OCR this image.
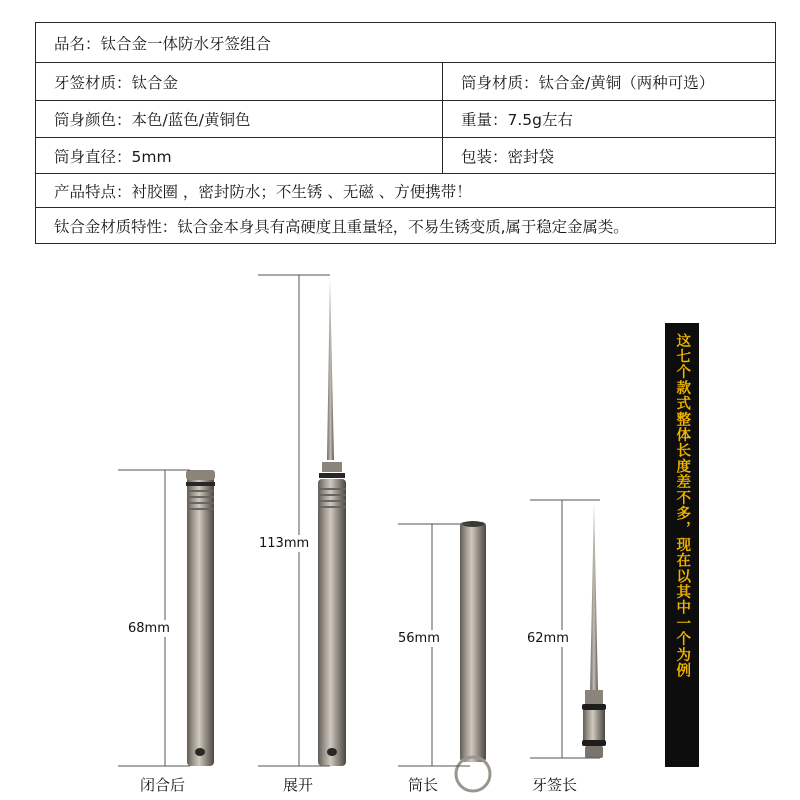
品名：钛合金一体防水牙签组合
牙签材质：钛合金	筒身材质：钛合金/黄铜（两种可选）
筒身颜色：本色/蓝色/黄铜色	重量：7.5g左右
筒身直径：5mm	包装：密封袋
产品特点：衬胶圈 ，密封防水；不生锈 、无磁 、方便携带！
钛合金材质特性：钛合金本身具有高硬度且重量轻，不易生锈变质,属于稳定金属类。
68mm
113mm
56mm	62mm
闭合后	展开	筒长	牙签长
这七个款式整体长度差不多，现在以其中一个为例
